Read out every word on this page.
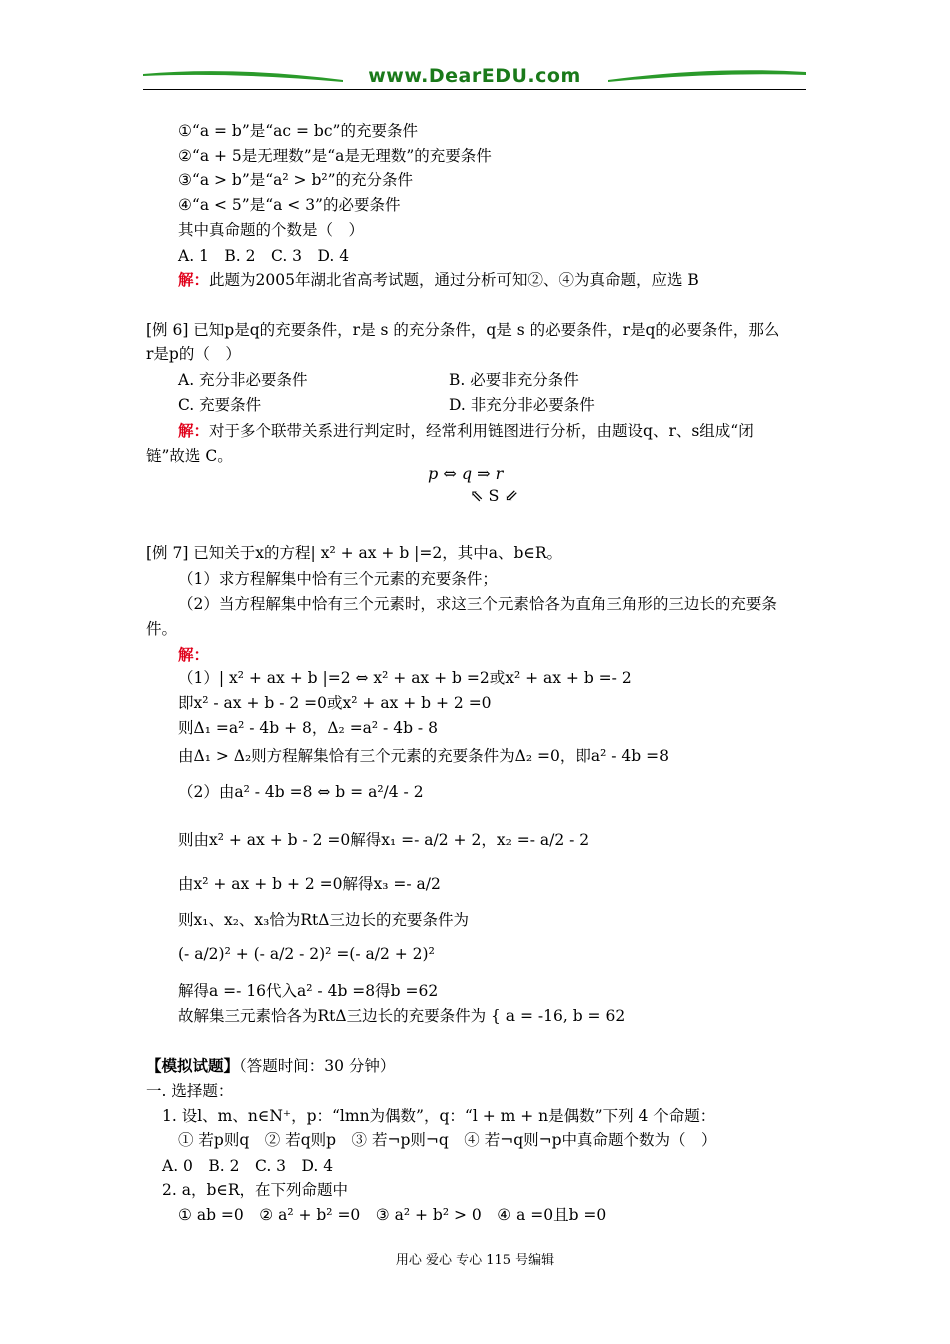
www.DearEDU.com
①“a = b”是“ac = bc”的充要条件
②“a + 5是无理数”是“a是无理数”的充要条件
③“a > b”是“a² > b²”的充分条件
④“a < 5”是“a < 3”的必要条件
其中真命题的个数是（　）
A. 1　B. 2　C. 3　D. 4
解：此题为2005年湖北省高考试题，通过分析可知②、④为真命题，应选 B
[例 6] 已知p是q的充要条件，r是 s 的充分条件，q是 s 的必要条件，r是q的必要条件，那么
r是p的（　）
A. 充分非必要条件	B. 必要非充分条件
C. 充要条件	D. 非充分非必要条件
解：对于多个联带关系进行判定时，经常利用链图进行分析，由题设q、r、s组成“闭
链”故选 C。
p ⇔ q ⇒ r
⇖ S ⇙
[例 7] 已知关于x的方程| x² + ax + b |=2，其中a、b∈R。
（1）求方程解集中恰有三个元素的充要条件；
（2）当方程解集中恰有三个元素时，求这三个元素恰各为直角三角形的三边长的充要条
件。
解：
（1）| x² + ax + b |=2 ⇔ x² + ax + b =2或x² + ax + b =- 2
即x² - ax + b - 2 =0或x² + ax + b + 2 =0
则Δ₁ =a² - 4b + 8，Δ₂ =a² - 4b - 8
由Δ₁ > Δ₂则方程解集恰有三个元素的充要条件为Δ₂ =0，即a² - 4b =8
（2）由a² - 4b =8 ⇔ b = a²/4 - 2
则由x² + ax + b - 2 =0解得x₁ =- a/2 + 2，x₂ =- a/2 - 2
由x² + ax + b + 2 =0解得x₃ =- a/2
则x₁、x₂、x₃恰为RtΔ三边长的充要条件为
(- a/2)² + (- a/2 - 2)² =(- a/2 + 2)²
解得a =- 16代入a² - 4b =8得b =62
故解集三元素恰各为RtΔ三边长的充要条件为 { a = -16, b = 62
【模拟试题】（答题时间：30 分钟）
一. 选择题：
1. 设l、m、n∈N⁺，p：“lmn为偶数”，q：“l + m + n是偶数”下列 4 个命题：
① 若p则q　② 若q则p　③ 若¬p则¬q　④ 若¬q则¬p中真命题个数为（　）
A. 0　B. 2　C. 3　D. 4
2. a，b∈R，在下列命题中
① ab =0　② a² + b² =0　③ a² + b² > 0　④ a =0且b =0
用心 爱心 专心 115 号编辑
